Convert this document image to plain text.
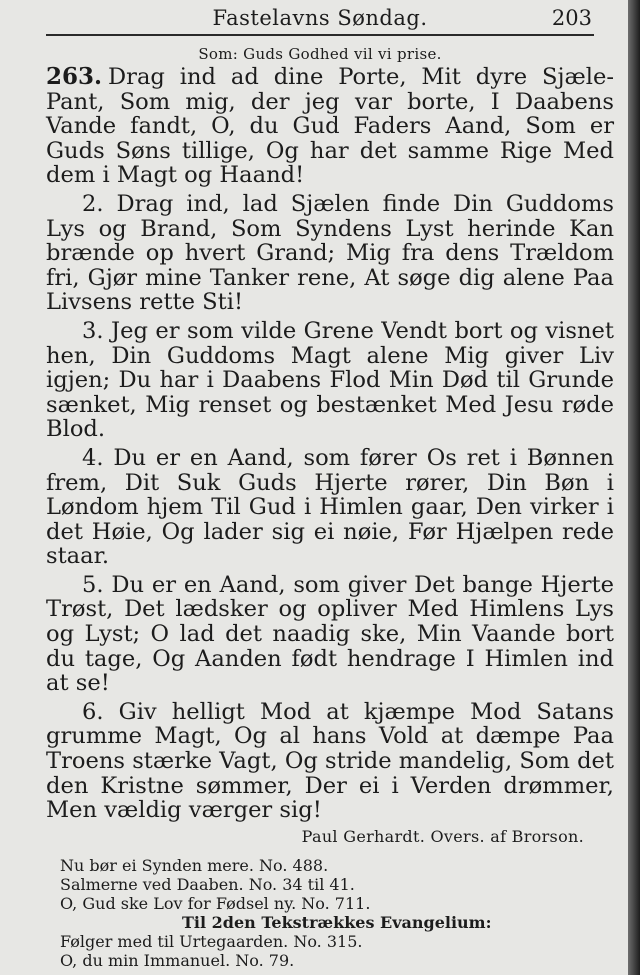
Fastelavns Søndag.	203
Som: Guds Godhed vil vi prise.

263. Drag ind ad dine Porte, Mit dyre Sjæle-Pant, Som mig, der jeg var borte, I Daabens Vande fandt, O, du Gud Faders Aand, Som er Guds Søns tillige, Og har det samme Rige Med dem i Magt og Haand!

2. Drag ind, lad Sjælen finde Din Guddoms Lys og Brand, Som Syndens Lyst herinde Kan brænde op hvert Grand; Mig fra dens Trældom fri, Gjør mine Tanker rene, At søge dig alene Paa Livsens rette Sti!

3. Jeg er som vilde Grene Vendt bort og visnet hen, Din Guddoms Magt alene Mig giver Liv igjen; Du har i Daabens Flod Min Død til Grunde sænket, Mig renset og bestænket Med Jesu røde Blod.

4. Du er en Aand, som fører Os ret i Bønnen frem, Dit Suk Guds Hjerte rører, Din Bøn i Løndom hjem Til Gud i Himlen gaar, Den virker i det Høie, Og lader sig ei nøie, Før Hjælpen rede staar.

5. Du er en Aand, som giver Det bange Hjerte Trøst, Det lædsker og opliver Med Himlens Lys og Lyst; O lad det naadig ske, Min Vaande bort du tage, Og Aanden født hendrage I Himlen ind at se!

6. Giv helligt Mod at kjæmpe Mod Satans grumme Magt, Og al hans Vold at dæmpe Paa Troens stærke Vagt, Og stride mandelig, Som det den Kristne sømmer, Der ei i Verden drømmer, Men vældig værger sig!

Paul Gerhardt. Overs. af Brorson.
Nu bør ei Synden mere. No. 488.
Salmerne ved Daaben. No. 34 til 41.
O, Gud ske Lov for Fødsel ny. No. 711.
Til 2den Tekstrækkes Evangelium:
Følger med til Urtegaarden. No. 315.
O, du min Immanuel. No. 79.
